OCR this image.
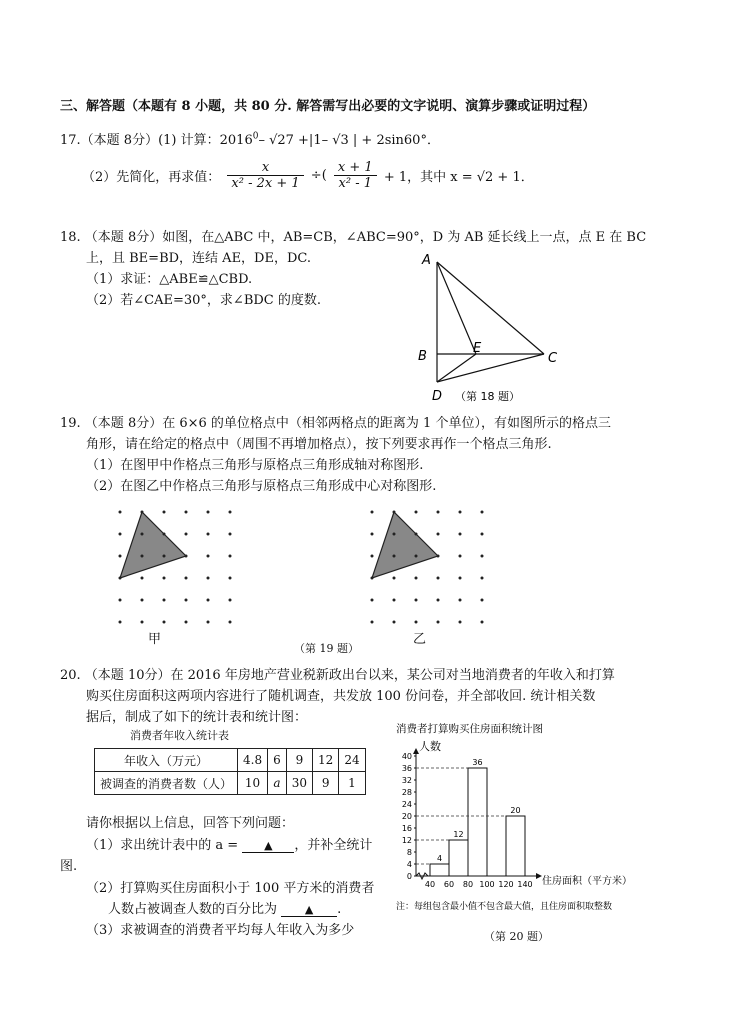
三、解答题（本题有 8 小题，共 80 分. 解答需写出必要的文字说明、演算步骤或证明过程）
17.（本题 8分）(1) 计算：2016$^0$– √27 +|1– √3 | + 2sin60°．
（2）先简化，再求值： $\frac{x}{\text{x² - 2x + 1}}$ ÷( $\frac{x + 1}{\text{x² - 1}} + 1$，其中 x = √2 + 1．
18. （本题 8分）如图，在△ABC 中，AB=CB，∠ABC=90°，D 为 AB 延长线上一点，点 E 在 BC
上，且 BE=BD，连结 AE，DE，DC.
（1）求证：△ABE≌△CBD.
（2）若∠CAE=30°，求∠BDC 的度数.
A
B	C
D
E
（第 18 题）
19. （本题 8分）在 6×6 的单位格点中（相邻两格点的距离为 1 个单位），有如图所示的格点三
角形，请在给定的格点中（周围不再增加格点），按下列要求再作一个格点三角形.
（1）在图甲中作格点三角形与原格点三角形成轴对称图形.
（2）在图乙中作格点三角形与原格点三角形成中心对称图形.
甲	乙
（第 19 题）
20. （本题 10分）在 2016 年房地产营业税新政出台以来，某公司对当地消费者的年收入和打算
购买住房面积这两项内容进行了随机调查，共发放 100 份问卷，并全部收回. 统计相关数
据后，制成了如下的统计表和统计图：
消费者年收入统计表
年收入（万元）	4.8	6	9	12	24
被调查的消费者数（人）	10	a	30	9	1
请你根据以上信息，回答下列问题：
（1）求出统计表中的 a = ▲ ，并补全统计
图.
（2）打算购买住房面积小于 100 平方米的消费者
人数占被调查人数的百分比为	▲ .
（3）求被调查的消费者平均每人年收入为多少
消费者打算购买住房面积统计图
人数
住房面积（平方米）
注：每组包含最小值不包含最大值，且住房面积取整数
0
4
8
12
16
20
24
28
32
36
40
40 60 80 100 120 140
4
12
36
20
（第 20 题）
